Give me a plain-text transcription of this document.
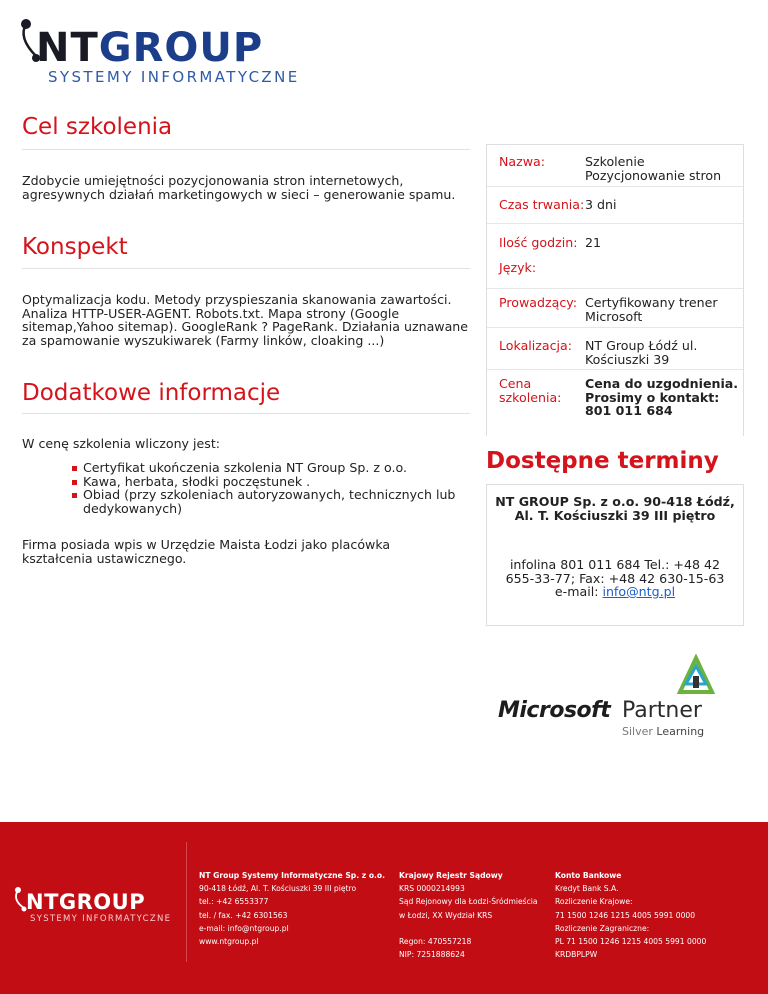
NTGROUP
SYSTEMY INFORMATYCZNE
Cel szkolenia

Zdobycie umiejętności pozycjonowania stron internetowych, agresywnych działań marketingowych w sieci – generowanie spamu.

Konspekt

Optymalizacja kodu. Metody przyspieszania skanowania zawartości. Analiza HTTP-USER-AGENT. Robots.txt. Mapa strony (Google sitemap,Yahoo sitemap). GoogleRank ? PageRank. Działania uznawane za spamowanie wyszukiwarek (Farmy linków, cloaking ...)

Dodatkowe informacje

W cenę szkolenia wliczony jest:

Certyfikat ukończenia szkolenia NT Group Sp. z o.o.
Kawa, herbata, słodki poczęstunek .
Obiad (przy szkoleniach autoryzowanych, technicznych lub dedykowanych)

Firma posiada wpis w Urzędzie Maista Łodzi jako placówka kształcenia ustawicznego.

Nazwa:	Szkolenie Pozycjonowanie stron
Czas trwania: 3 dni
Ilość godzin: 21
Język:
Prowadzący: Certyfikowany trener Microsoft
Lokalizacja:	NT Group Łódź ul. Kościuszki 39
Cena szkolenia:
Cena do uzgodnienia. Prosimy o kontakt: 801 011 684
Dostępne terminy
NT GROUP Sp. z o.o. 90-418 Łódź, Al. T. Kościuszki 39 III piętro
infolina 801 011 684 Tel.: +48 42 655-33-77; Fax: +48 42 630-15-63
e-mail: info@ntg.pl
Microsoft Partner
Silver Learning
NTGROUP
SYSTEMY INFORMATYCZNE
NT Group Systemy Informatyczne Sp. z o.o.
90-418 Łódź, Al. T. Kościuszki 39 III piętro
tel.: +42 6553377
tel. / fax. +42 6301563
e-mail: info@ntgroup.pl
www.ntgroup.pl
Krajowy Rejestr Sądowy
KRS 0000214993
Sąd Rejonowy dla Łodzi-Śródmieścia
w Łodzi, XX Wydział KRS
Regon: 470557218
NIP: 7251888624
Konto Bankowe
Kredyt Bank S.A.
Rozliczenie Krajowe:
71 1500 1246 1215 4005 5991 0000
Rozliczenie Zagraniczne:
PL 71 1500 1246 1215 4005 5991 0000
KRDBPLPW
